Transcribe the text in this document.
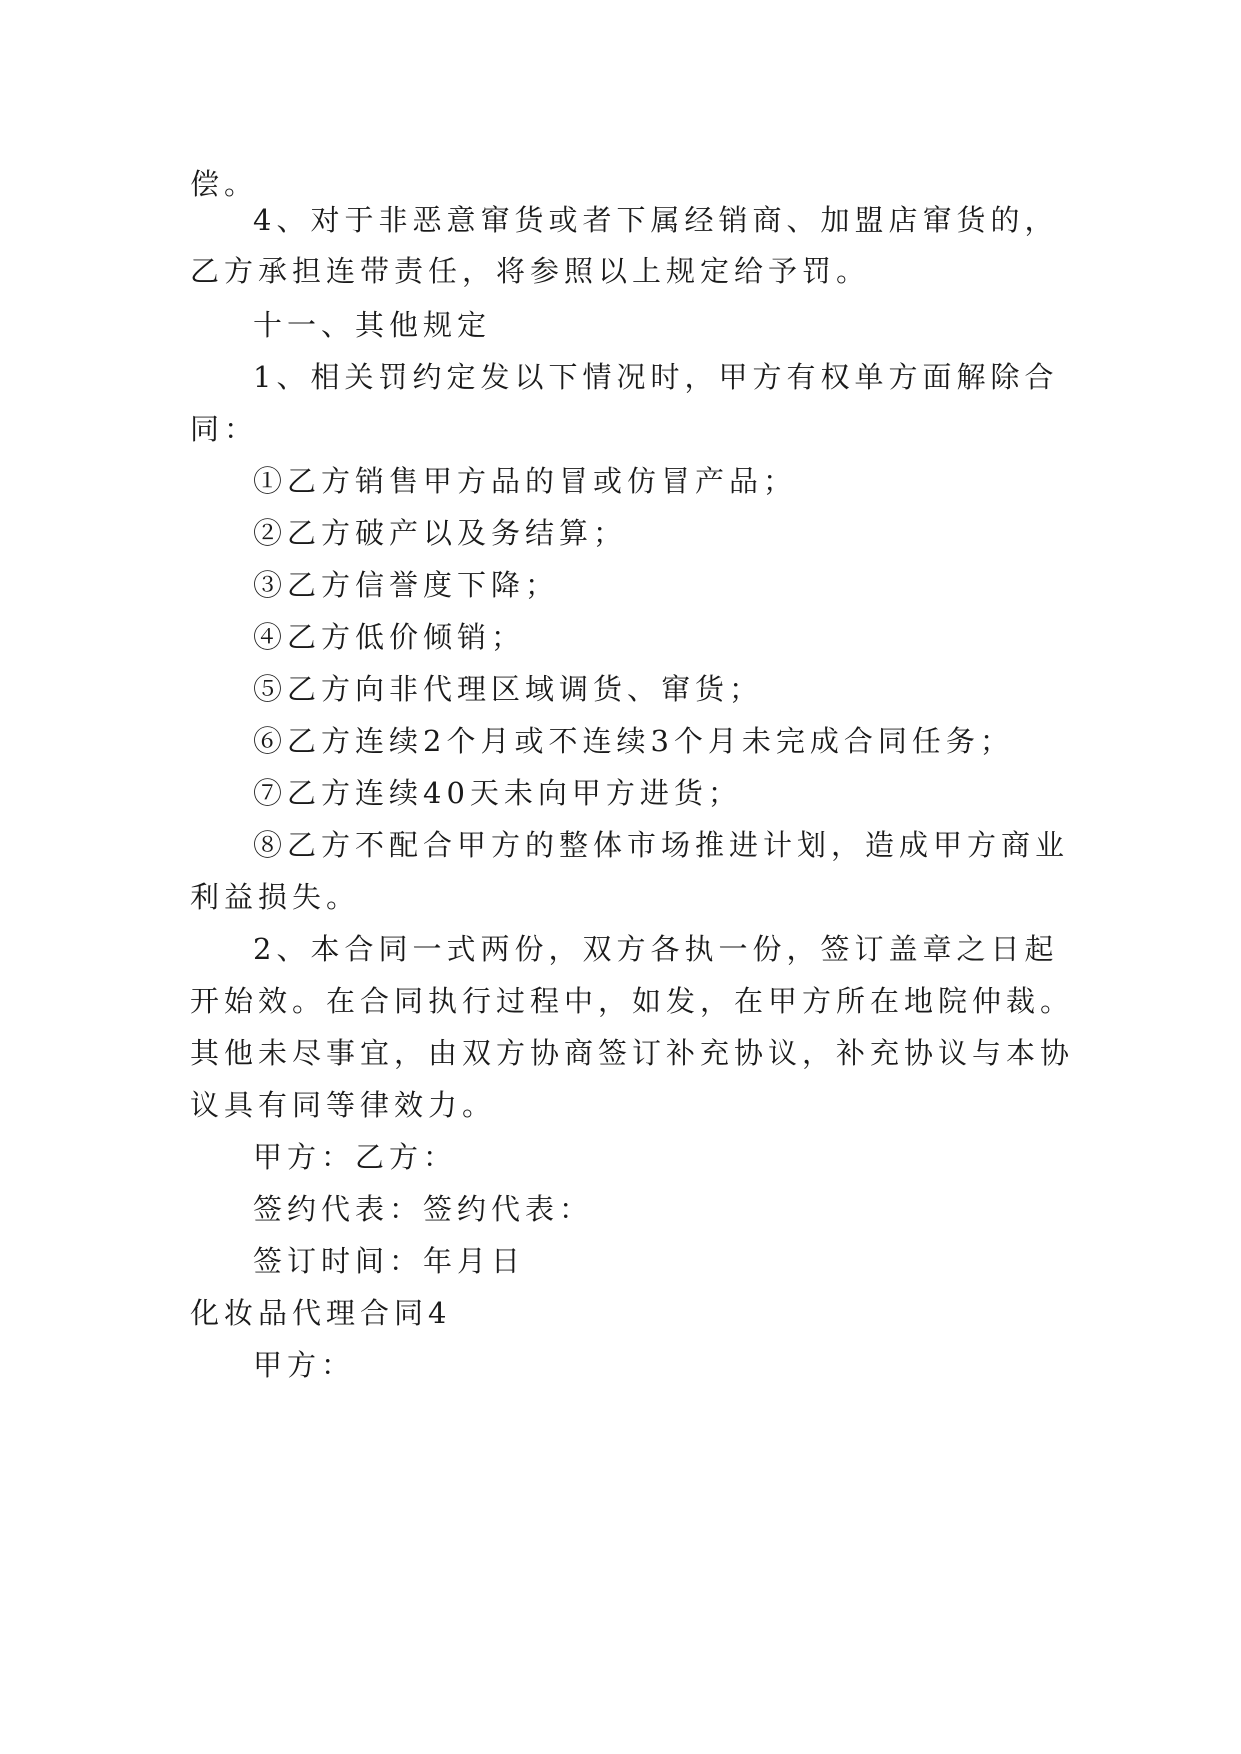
偿。
4、对于非恶意窜货或者下属经销商、加盟店窜货的，
乙方承担连带责任，将参照以上规定给予罚。
十一、其他规定
1、相关罚约定发以下情况时，甲方有权单方面解除合
同：
①乙方销售甲方品的冒或仿冒产品；
②乙方破产以及务结算；
③乙方信誉度下降；
④乙方低价倾销；
⑤乙方向非代理区域调货、窜货；
⑥乙方连续2个月或不连续3个月未完成合同任务；
⑦乙方连续40天未向甲方进货；
⑧乙方不配合甲方的整体市场推进计划，造成甲方商业
利益损失。
2、本合同一式两份，双方各执一份，签订盖章之日起
开始效。在合同执行过程中，如发，在甲方所在地院仲裁。
其他未尽事宜，由双方协商签订补充协议，补充协议与本协
议具有同等律效力。
甲方：乙方：
签约代表：签约代表：
签订时间：年月日
化妆品代理合同4
甲方：
